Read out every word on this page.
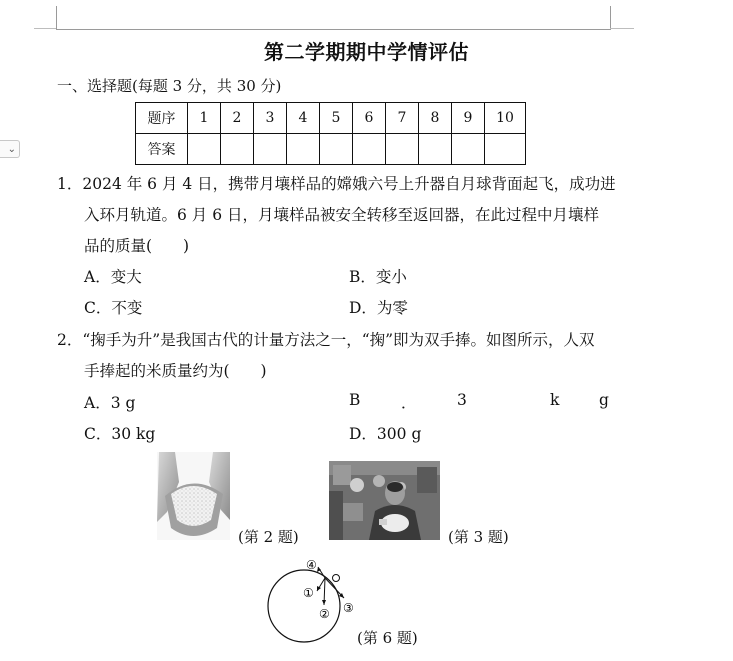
⌄
第二学期期中学情评估
一、选择题(每题 3 分，共 30 分)
题序	1	2	3	4	5	6	7	8	9	10
答案										
1．2024 年 6 月 4 日，携带月壤样品的嫦娥六号上升器自月球背面起飞，成功进
入环月轨道。6 月 6 日，月壤样品被安全转移至返回器，在此过程中月壤样
品的质量(　　)
A．变大	B．变小
C．不变	D．为零
2．“掬手为升”是我国古代的计量方法之一，“掬”即为双手捧。如图所示，人双
手捧起的米质量约为(　　)
A．3 g	B	．	3	k	g
C．30 kg	D．300 g
(第 2 题)	(第 3 题)
①
② ③
④
(第 6 题)
